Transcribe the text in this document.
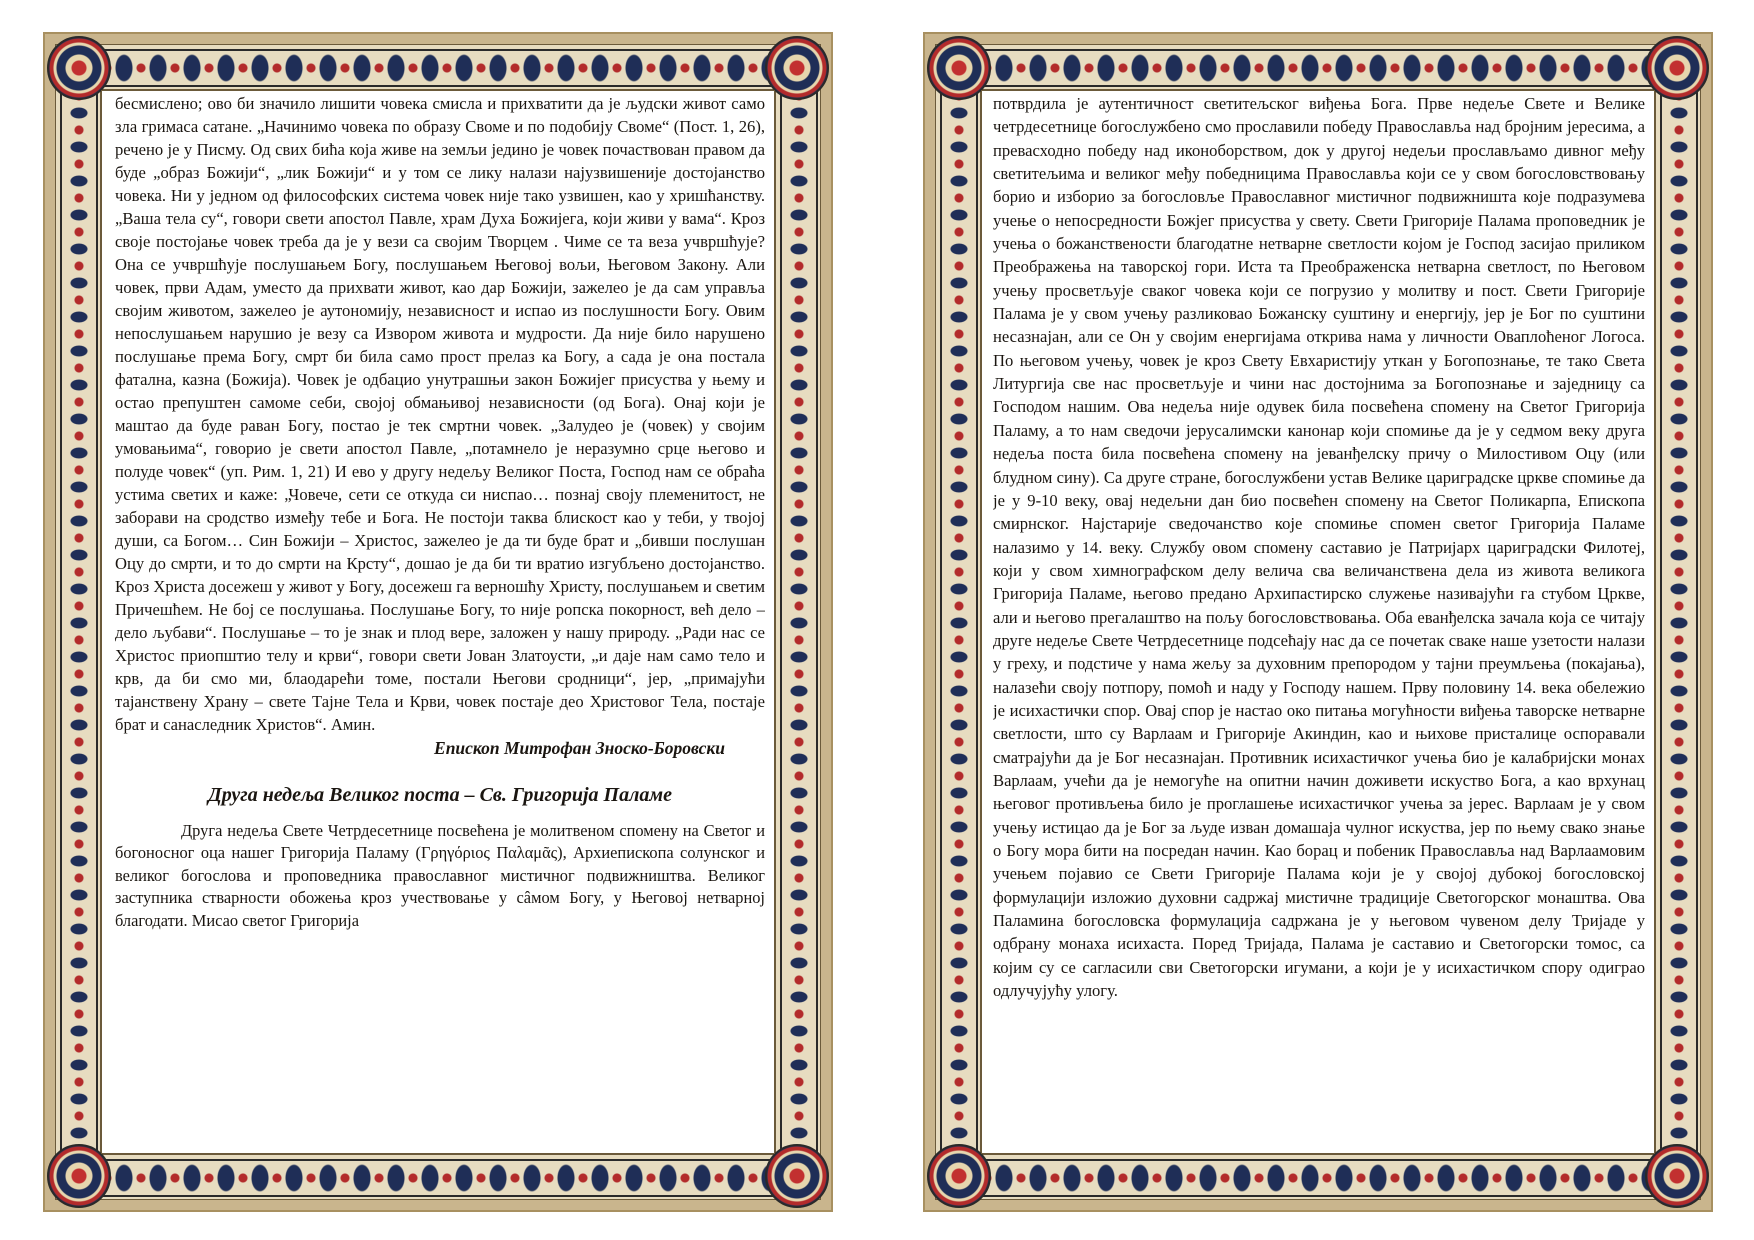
бесмислено; ово би значило лишити човека смисла и прихватити да је људски живот само зла гримаса сатане. „Начинимо човека по образу Своме и по подобију Своме“ (Пост. 1, 26), речено је у Писму. Од свих бића која живе на земљи једино је човек почаствован правом да буде „образ Божији“, „лик Божији“ и у том се лику налази најузвишеније достојанство човека. Ни у једном од философских система човек није тако узвишен, као у хришћанству. „Ваша тела су“, говори свети апостол Павле, храм Духа Божијега, који живи у вама“. Кроз своје постојање човек треба да је у вези са својим Творцем . Чиме се та веза учвршћује? Она се учвршћује послушањем Богу, послушањем Његовој вољи, Његовом Закону. Али човек, први Адам, уместо да прихвати живот, као дар Божији, зажелео је да сам управља својим животом, зажелео је аутономију, независност и испао из послушности Богу. Овим непослушањем нарушио је везу са Извором живота и мудрости. Да није било нарушено послушање према Богу, смрт би била само прост прелаз ка Богу, а сада је она постала фатална, казна (Божија). Човек је одбацио унутрашњи закон Божијег присуства у њему и остао препуштен самоме себи, својој обмањивој независности (од Бога). Онај који је маштао да буде раван Богу, постао је тек смртни човек. „Залудео је (човек) у својим умовањима“, говорио је свети апостол Павле, „потамнело је неразумно срце његово и полуде човек“ (уп. Рим. 1, 21) И ево у другу недељу Великог Поста, Господ нам се обраћа устима светих и каже: „Човече, сети се откуда си ниспао… познај своју племенитост, не заборави на сродство између тебе и Бога. Не постоји таква блискост као у теби, у твојој души, са Богом… Син Божији – Христос, зажелео је да ти буде брат и „бивши послушан Оцу до смрти, и то до смрти на Крсту“, дошао је да би ти вратио изгубљено достојанство. Кроз Христа досежеш у живот у Богу, досежеш га верношћу Христу, послушањем и светим Причешћем. Не бој се послушања. Послушање Богу, то није ропска покорност, већ дело – дело љубави“. Послушање – то је знак и плод вере, заложен у нашу природу. „Ради нас се Христос приопштио телу и крви“, говори свети Јован Златоусти, „и даје нам само тело и крв, да би смо ми, блаодарећи томе, постали Његови сродници“, јер, „примајући тајанствену Храну – свете Тајне Тела и Крви, човек постаје део Христовог Тела, постаје брат и санаследник Христов“. Амин.

Епископ Митрофан Зноско-Боровски

Друга недеља Великог поста – Св. Григорија Паламе

Друга недеља Свете Четрдесетнице посвећена је молитвеном спомену на Светог и богоносног оца нашег Григорија Паламу (Γρηγόριος Παλαμᾶς), Архиепископа солунског и великог богослова и проповедника православног мистичног подвижништва. Великог заступника стварности обожења кроз учествовање у сâмом Богу, у Његовој нетварној благодати. Мисао светог Григорија

потврдила је аутентичност светитељског виђења Бога. Прве недеље Свете и Велике четрдесетнице богослужбено смо прославили победу Православља над бројним јересима, а превасходно победу над иконоборством, док у другој недељи прослављамо дивног међу светитељима и великог међу победницима Православља који се у свом богословствовању борио и изборио за богословље Православног мистичног подвижништа које подразумева учење о непосредности Божјег присуства у свету. Свети Григорије Палама проповедник је учења о божанствености благодатне нетварне светлости којом је Господ засијао приликом Преображења на таворској гори. Иста та Преображенска нетварна светлост, по Његовом учењу просветљује сваког човека који се погрузио у молитву и пост. Свети Григорије Палама је у свом учењу разликовао Божанску суштину и енергију, јер је Бог по суштини несазнајан, али се Он у својим енергијама открива нама у личности Оваплоћеног Логоса. По његовом учењу, човек је кроз Свету Евхаристију уткан у Богопознање, те тако Света Литургија све нас просветљује и чини нас достојнима за Богопознање и заједницу са Господом нашим. Ова недеља није одувек била посвећена спомену на Светог Григорија Паламу, а то нам сведочи јерусалимски канонар који спомиње да је у седмом веку друга недеља поста била посвећена спомену на јеванђелску причу о Милостивом Оцу (или блудном сину). Са друге стране, богослужбени устав Велике цариградске цркве спомиње да је у 9-10 веку, овај недељни дан био посвећен спомену на Светог Поликарпа, Епископа смирнског. Најстарије сведочанство које спомиње спомен светог Григорија Паламе налазимо у 14. веку. Службу овом спомену саставио је Патријарх цариградски Филотеј, који у свом химнографском делу велича сва величанствена дела из живота великога Григорија Паламе, његово предано Архипастирско служење називајући га стубом Цркве, али и његово прегалаштво на пољу богословствовања. Оба еванђелска зачала која се читају друге недеље Свете Четрдесетнице подсећају нас да се почетак сваке наше узетости налази у греху, и подстиче у нама жељу за духовним препородом у тајни преумљења (покајања), налазећи своју потпору, помоћ и наду у Господу нашем. Прву половину 14. века обележио је исихастички спор. Овај спор је настао око питања могућности виђења таворске нетварне светлости, што су Варлаам и Григорије Акиндин, као и њихове присталице оспоравали сматрајући да је Бог несазнајан. Противник исихастичког учења био је калабријски монах Варлаам, учећи да је немогуће на опитни начин доживети искуство Бога, а као врхунац његовог противљења било је проглашење исихастичког учења за јерес. Варлаам је у свом учењу истицао да је Бог за људе изван домашаја чулног искуства, јер по њему свако знање о Богу мора бити на посредан начин. Као борац и побеник Православља над Варлаамовим учењем појавио се Свети Григорије Палама који је у својој дубокој богословској формулацији изложио духовни садржај мистичне традиције Светогорског монаштва. Ова Паламина богословска формулација садржана је у његовом чувеном делу Тријаде у одбрану монаха исихаста. Поред Тријада, Палама је саставио и Светогорски томос, са којим су се сагласили сви Светогорски игумани, а који је у исихастичком спору одиграо одлучујућу улогу.
